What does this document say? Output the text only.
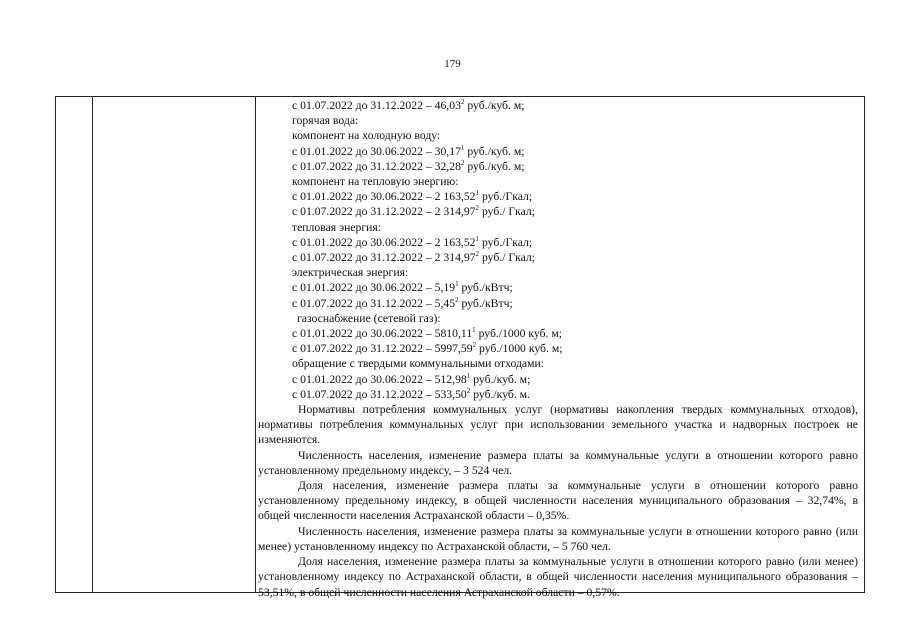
179
с 01.07.2022 до 31.12.2022 – 46,03$^2$ руб./куб. м;
горячая вода:
компонент на холодную воду:
с 01.01.2022 до 30.06.2022 – 30,17$^1$ руб./куб. м;
с 01.07.2022 до 31.12.2022 – 32,28$^2$ руб./куб. м;
компонент на тепловую энергию:
с 01.01.2022 до 30.06.2022 – 2 163,52$^1$ руб./Гкал;
с 01.07.2022 до 31.12.2022 – 2 314,97$^2$ руб./ Гкал;
тепловая энергия:
с 01.01.2022 до 30.06.2022 – 2 163,52$^1$ руб./Гкал;
с 01.07.2022 до 31.12.2022 – 2 314,97$^2$ руб./ Гкал;
электрическая энергия:
с 01.01.2022 до 30.06.2022 – 5,19$^1$ руб./кВтч;
с 01.07.2022 до 31.12.2022 – 5,45$^2$ руб./кВтч;
газоснабжение (сетевой газ):
с 01.01.2022 до 30.06.2022 – 5810,11$^1$ руб./1000 куб. м;
с 01.07.2022 до 31.12.2022 – 5997,59$^2$ руб./1000 куб. м;
обращение с твердыми коммунальными отходами:
с 01.01.2022 до 30.06.2022 – 512,98$^1$ руб./куб. м;
с 01.07.2022 до 31.12.2022 – 533,50$^2$ руб./куб. м.
Нормативы потребления коммунальных услуг (нормативы накопления твердых коммунальных отходов), нормативы потребления коммунальных услуг при использовании земельного участка и надворных построек не изменяются.
Численность населения, изменение размера платы за коммунальные услуги в отношении которого равно установленному предельному индексу, – 3 524 чел.
Доля населения, изменение размера платы за коммунальные услуги в отношении которого равно установленному предельному индексу, в общей численности населения муниципального образования – 32,74%, в общей численности населения Астраханской области – 0,35%.
Численность населения, изменение размера платы за коммунальные услуги в отношении которого равно (или менее) установленному индексу по Астраханской области, – 5 760 чел.
Доля населения, изменение размера платы за коммунальные услуги в отношении которого равно (или менее) установленному индексу по Астраханской области, в общей численности населения муниципального образования – 53,51%, в общей численности населения Астраханской области – 0,57%.
